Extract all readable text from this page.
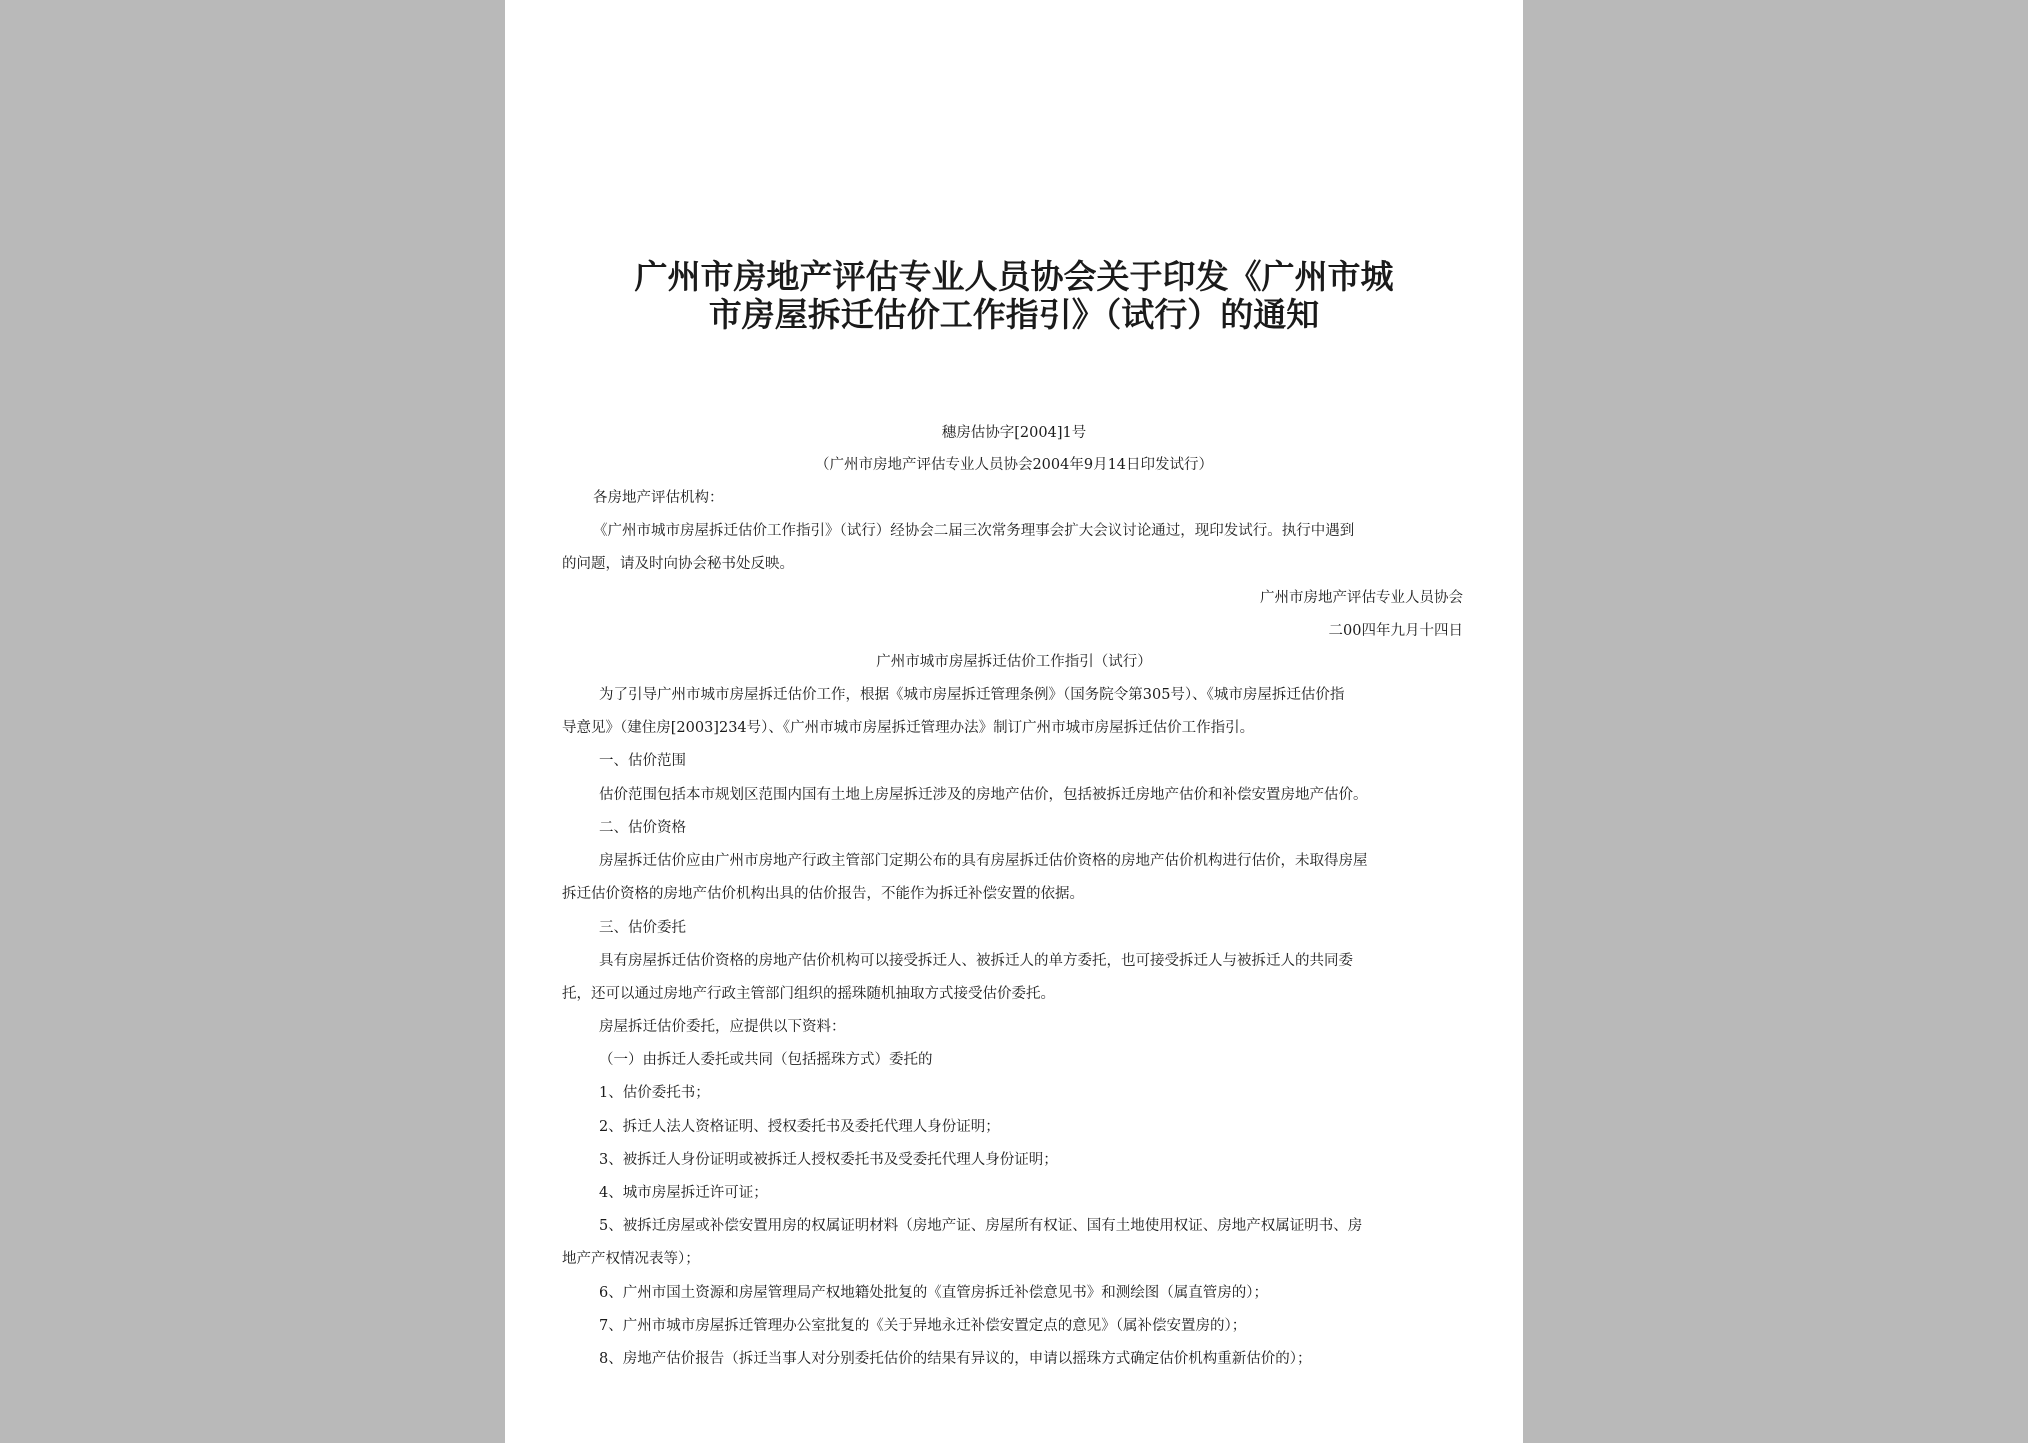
广州市房地产评估专业人员协会关于印发《广州市城
市房屋拆迁估价工作指引》（试行）的通知
穗房估协字[2004]1号
（广州市房地产评估专业人员协会2004年9月14日印发试行）
各房地产评估机构：
《广州市城市房屋拆迁估价工作指引》（试行）经协会二届三次常务理事会扩大会议讨论通过，现印发试行。执行中遇到
的问题，请及时向协会秘书处反映。
广州市房地产评估专业人员协会
二00四年九月十四日
广州市城市房屋拆迁估价工作指引（试行）
为了引导广州市城市房屋拆迁估价工作，根据《城市房屋拆迁管理条例》（国务院令第305号）、《城市房屋拆迁估价指
导意见》（建住房[2003]234号）、《广州市城市房屋拆迁管理办法》制订广州市城市房屋拆迁估价工作指引。
一、估价范围
估价范围包括本市规划区范围内国有土地上房屋拆迁涉及的房地产估价，包括被拆迁房地产估价和补偿安置房地产估价。
二、估价资格
房屋拆迁估价应由广州市房地产行政主管部门定期公布的具有房屋拆迁估价资格的房地产估价机构进行估价，未取得房屋
拆迁估价资格的房地产估价机构出具的估价报告，不能作为拆迁补偿安置的依据。
三、估价委托
具有房屋拆迁估价资格的房地产估价机构可以接受拆迁人、被拆迁人的单方委托，也可接受拆迁人与被拆迁人的共同委
托，还可以通过房地产行政主管部门组织的摇珠随机抽取方式接受估价委托。
房屋拆迁估价委托，应提供以下资料：
（一）由拆迁人委托或共同（包括摇珠方式）委托的
1、估价委托书；
2、拆迁人法人资格证明、授权委托书及委托代理人身份证明；
3、被拆迁人身份证明或被拆迁人授权委托书及受委托代理人身份证明；
4、城市房屋拆迁许可证；
5、被拆迁房屋或补偿安置用房的权属证明材料（房地产证、房屋所有权证、国有土地使用权证、房地产权属证明书、房
地产产权情况表等）；
6、广州市国土资源和房屋管理局产权地籍处批复的《直管房拆迁补偿意见书》和测绘图（属直管房的）；
7、广州市城市房屋拆迁管理办公室批复的《关于异地永迁补偿安置定点的意见》（属补偿安置房的）；
8、房地产估价报告（拆迁当事人对分别委托估价的结果有异议的，申请以摇珠方式确定估价机构重新估价的）；
